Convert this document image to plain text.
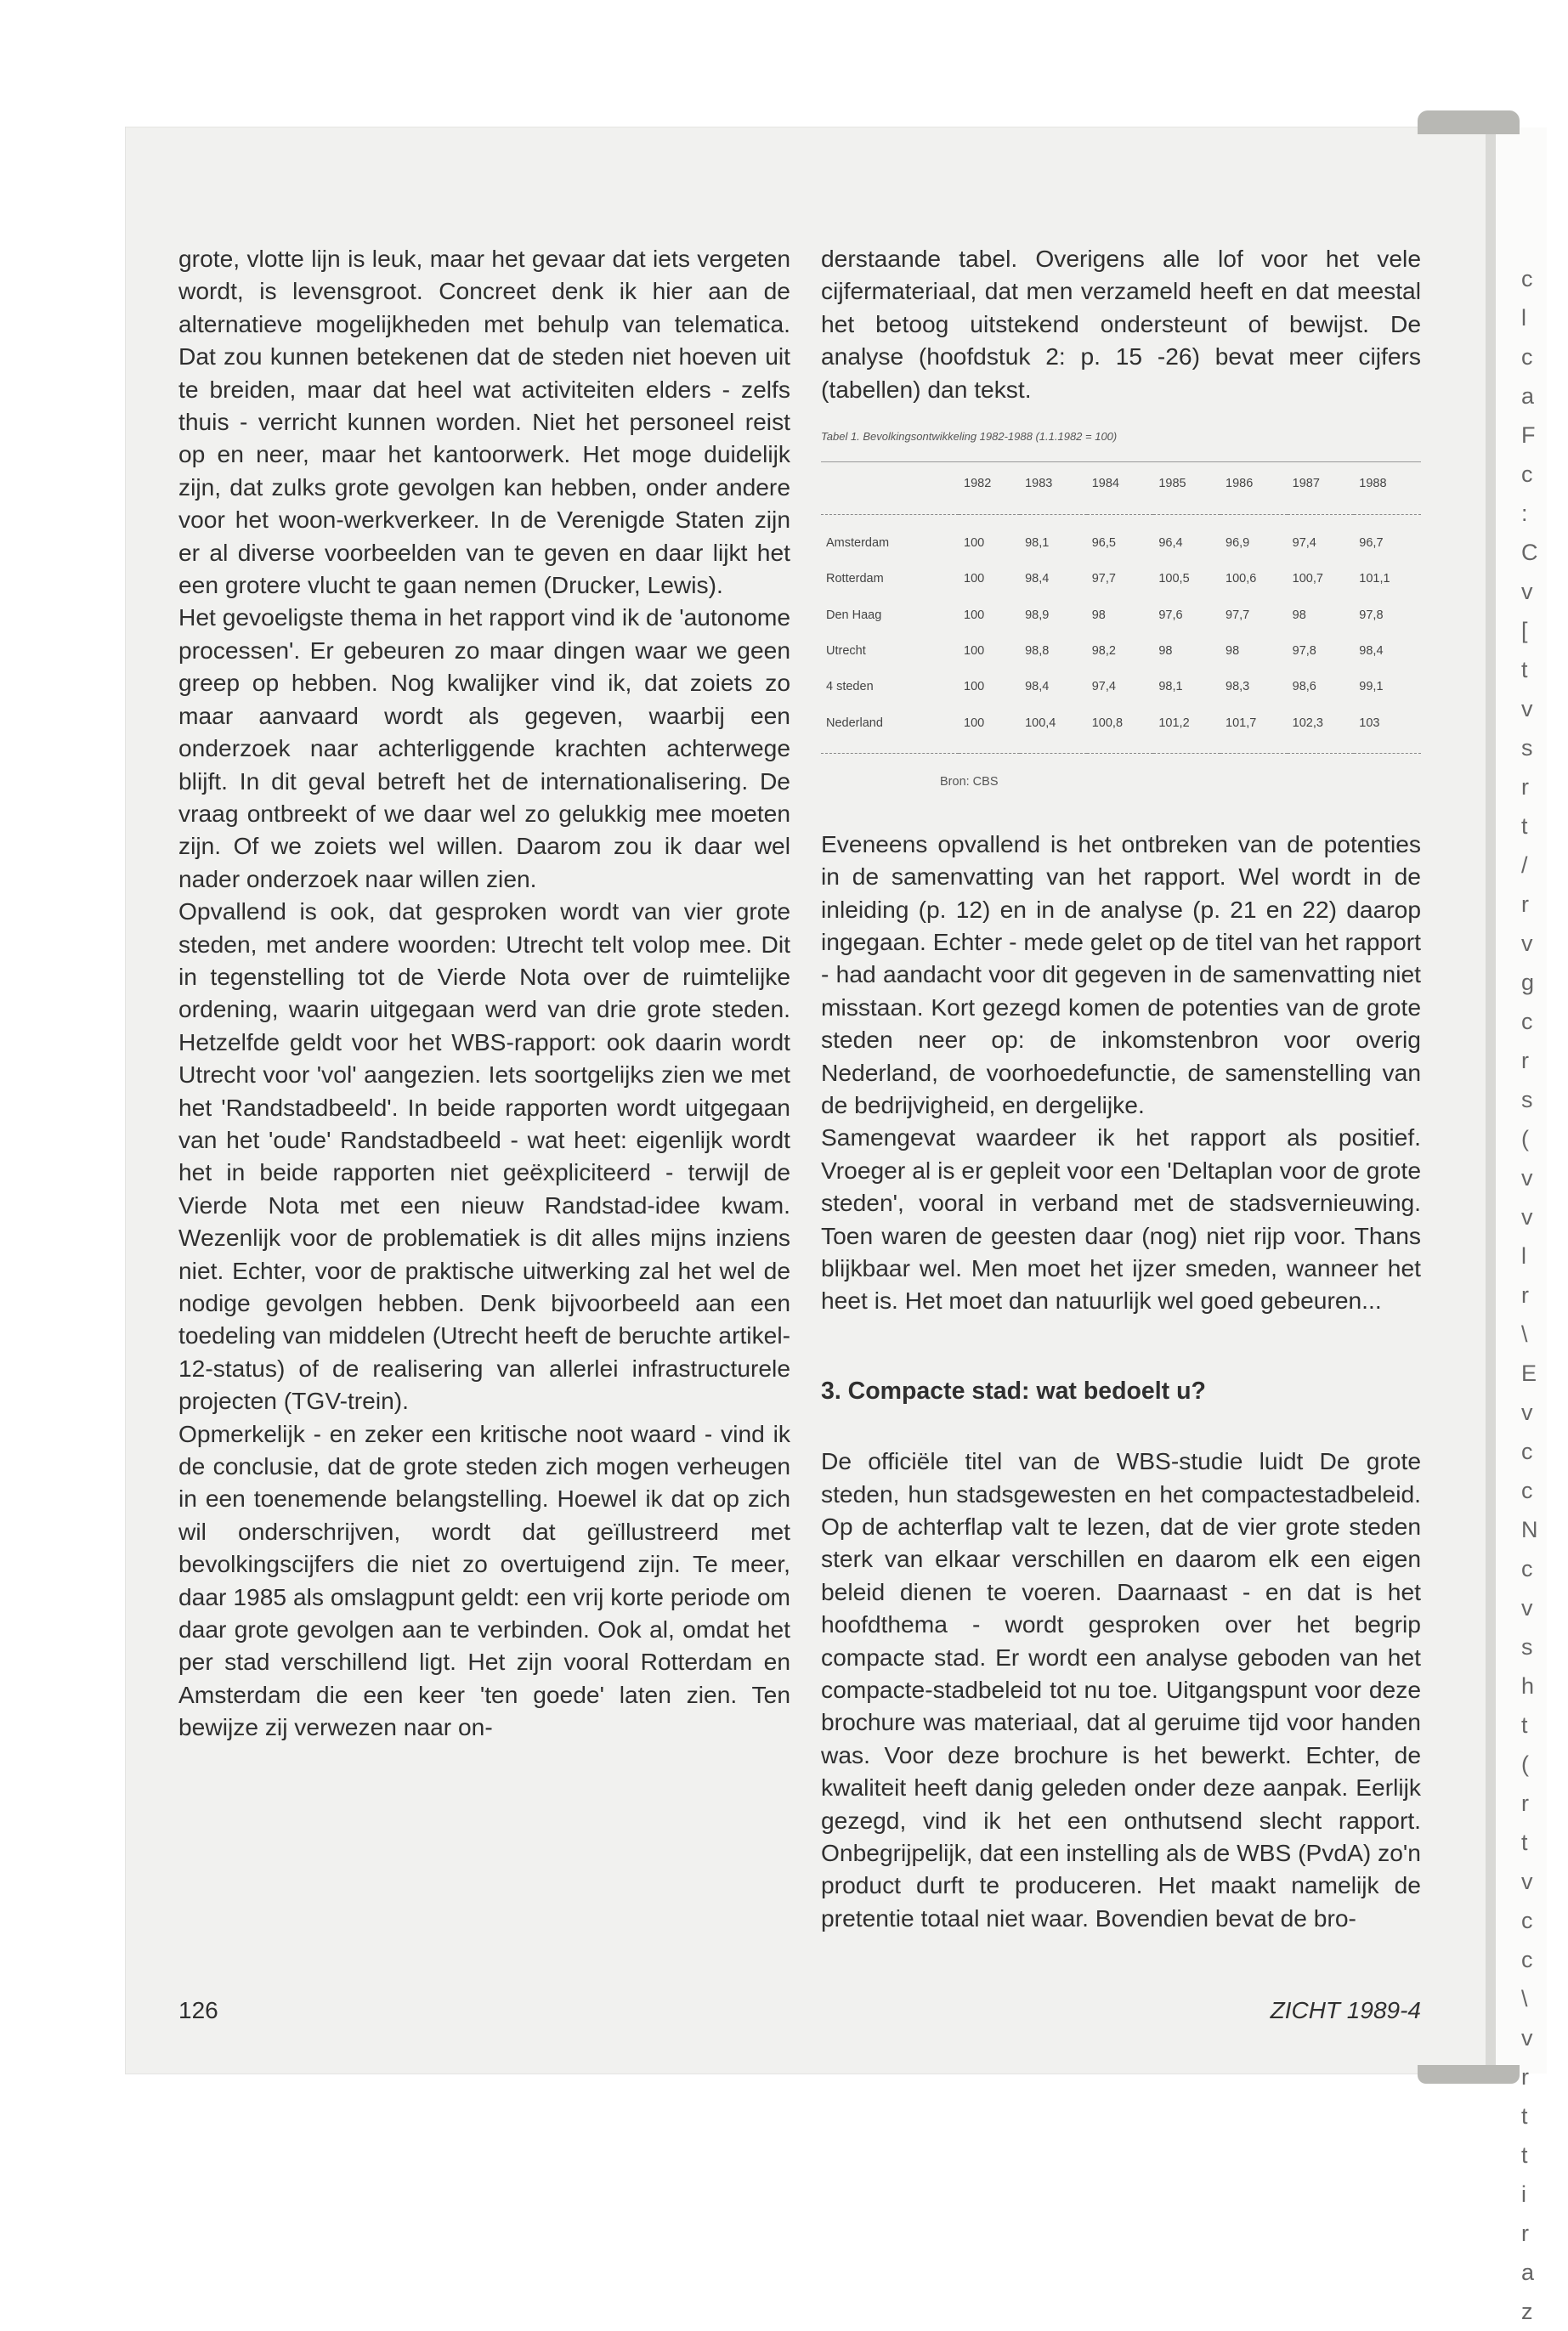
grote, vlotte lijn is leuk, maar het gevaar dat iets vergeten wordt, is levensgroot. Concreet denk ik hier aan de alternatieve mogelijkheden met behulp van telematica. Dat zou kunnen betekenen dat de steden niet hoeven uit te breiden, maar dat heel wat activiteiten elders - zelfs thuis - verricht kunnen worden. Niet het personeel reist op en neer, maar het kantoorwerk. Het moge duidelijk zijn, dat zulks grote gevolgen kan hebben, onder andere voor het woon-werkverkeer. In de Verenigde Staten zijn er al diverse voorbeelden van te geven en daar lijkt het een grotere vlucht te gaan nemen (Drucker, Lewis).

Het gevoeligste thema in het rapport vind ik de 'autonome processen'. Er gebeuren zo maar dingen waar we geen greep op hebben. Nog kwalijker vind ik, dat zoiets zo maar aanvaard wordt als gegeven, waarbij een onderzoek naar achterliggende krachten achterwege blijft. In dit geval betreft het de internationalisering. De vraag ontbreekt of we daar wel zo gelukkig mee moeten zijn. Of we zoiets wel willen. Daarom zou ik daar wel nader onderzoek naar willen zien.

Opvallend is ook, dat gesproken wordt van vier grote steden, met andere woorden: Utrecht telt volop mee. Dit in tegenstelling tot de Vierde Nota over de ruimtelijke ordening, waarin uitgegaan werd van drie grote steden. Hetzelfde geldt voor het WBS-rapport: ook daarin wordt Utrecht voor 'vol' aangezien. Iets soortgelijks zien we met het 'Randstadbeeld'. In beide rapporten wordt uitgegaan van het 'oude' Randstadbeeld - wat heet: eigenlijk wordt het in beide rapporten niet geëxpliciteerd - terwijl de Vierde Nota met een nieuw Randstad-idee kwam. Wezenlijk voor de problematiek is dit alles mijns inziens niet. Echter, voor de praktische uitwerking zal het wel de nodige gevolgen hebben. Denk bijvoorbeeld aan een toedeling van middelen (Utrecht heeft de beruchte artikel-12-status) of de realisering van allerlei infrastructurele projecten (TGV-trein).

Opmerkelijk - en zeker een kritische noot waard - vind ik de conclusie, dat de grote steden zich mogen verheugen in een toenemende belangstelling. Hoewel ik dat op zich wil onderschrijven, wordt dat geïllustreerd met bevolkingscijfers die niet zo overtuigend zijn. Te meer, daar 1985 als omslagpunt geldt: een vrij korte periode om daar grote gevolgen aan te verbinden. Ook al, omdat het per stad verschillend ligt. Het zijn vooral Rotterdam en Amsterdam die een keer 'ten goede' laten zien. Ten bewijze zij verwezen naar on-

derstaande tabel. Overigens alle lof voor het vele cijfermateriaal, dat men verzameld heeft en dat meestal het betoog uitstekend ondersteunt of bewijst. De analyse (hoofdstuk 2: p. 15 -26) bevat meer cijfers (tabellen) dan tekst.

Tabel 1. Bevolkingsontwikkeling 1982-1988 (1.1.1982 = 100)
	1982	1983	1984	1985	1986	1987	1988
Amsterdam	100	98,1	96,5	96,4	96,9	97,4	96,7
Rotterdam	100	98,4	97,7	100,5	100,6	100,7	101,1
Den Haag	100	98,9	98	97,6	97,7	98	97,8
Utrecht	100	98,8	98,2	98	98	97,8	98,4
4 steden	100	98,4	97,4	98,1	98,3	98,6	99,1
Nederland	100	100,4	100,8	101,2	101,7	102,3	103
Bron: CBS

Eveneens opvallend is het ontbreken van de potenties in de samenvatting van het rapport. Wel wordt in de inleiding (p. 12) en in de analyse (p. 21 en 22) daarop ingegaan. Echter - mede gelet op de titel van het rapport - had aandacht voor dit gegeven in de samenvatting niet misstaan. Kort gezegd komen de potenties van de grote steden neer op: de inkomstenbron voor overig Nederland, de voorhoedefunctie, de samenstelling van de bedrijvigheid, en dergelijke.

Samengevat waardeer ik het rapport als positief. Vroeger al is er gepleit voor een 'Deltaplan voor de grote steden', vooral in verband met de stadsvernieuwing. Toen waren de geesten daar (nog) niet rijp voor. Thans blijkbaar wel. Men moet het ijzer smeden, wanneer het heet is. Het moet dan natuurlijk wel goed gebeuren...

3. Compacte stad: wat bedoelt u?

De officiële titel van de WBS-studie luidt De grote steden, hun stadsgewesten en het compactestadbeleid. Op de achterflap valt te lezen, dat de vier grote steden sterk van elkaar verschillen en daarom elk een eigen beleid dienen te voeren. Daarnaast - en dat is het hoofdthema - wordt gesproken over het begrip compacte stad. Er wordt een analyse geboden van het compacte-stadbeleid tot nu toe. Uitgangspunt voor deze brochure was materiaal, dat al geruime tijd voor handen was. Voor deze brochure is het bewerkt. Echter, de kwaliteit heeft danig geleden onder deze aanpak. Eerlijk gezegd, vind ik het een onthutsend slecht rapport. Onbegrijpelijk, dat een instelling als de WBS (PvdA) zo'n product durft te produceren. Het maakt namelijk de pretentie totaal niet waar. Bovendien bevat de bro-

126	ZICHT 1989-4
c
l
c
a
F
c
:
C
v
[
t
v
s
r
t
/
r
v
g
c
r
s
(
v
v
l
r
\
E
v
c
c
N
c
v
s
h
t
(
r
t
v
c
c
\
v
r
t
t
i
r
a
z
